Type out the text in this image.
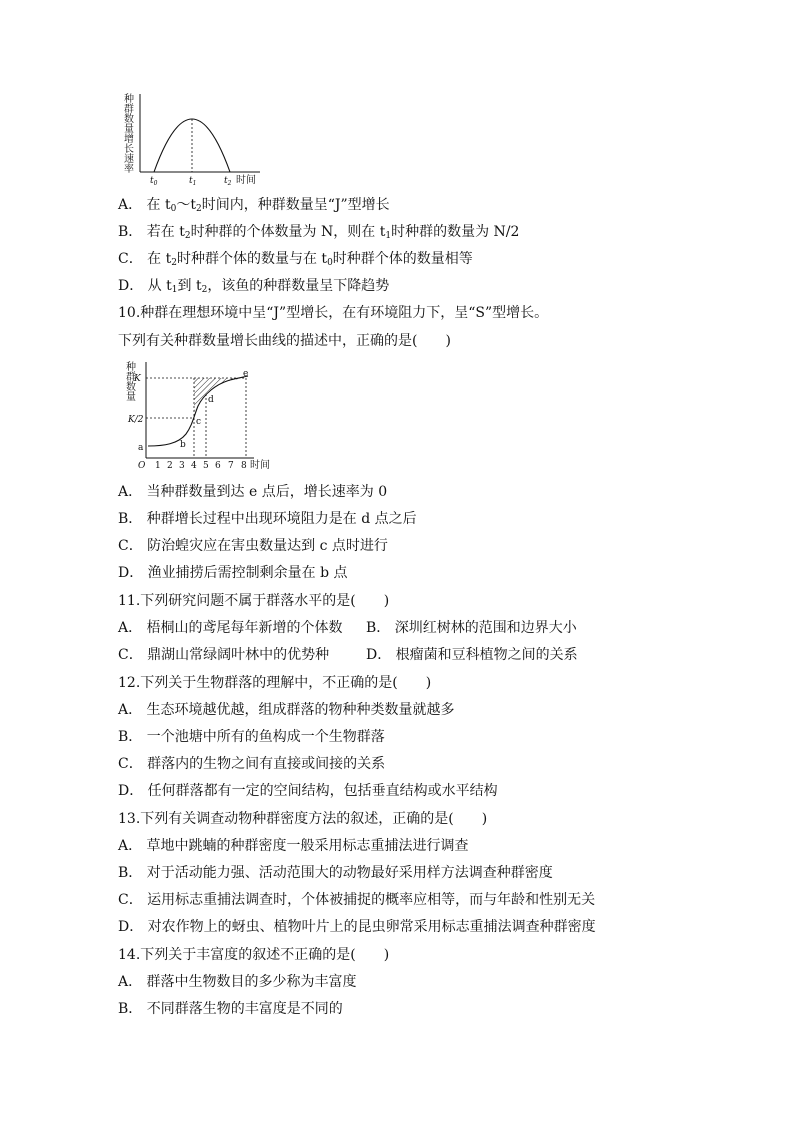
种
群
数
量
增
长
速
率
$t_0$	$t_1$	$t_2$ 时间
A． 在 $t_0\sim t_2$时间内，种群数量呈“J”型增长
B． 若在 $t_2$时种群的个体数量为 N，则在 $t_1$时种群的数量为 N/2
C． 在 $t_2$时种群个体的数量与在 $t_0$时种群个体的数量相等
D． 从 $t_1$到 $t_2$，该鱼的种群数量呈下降趋势
10.种群在理想环境中呈“J”型增长，在有环境阻力下，呈“S”型增长。
下列有关种群数量增长曲线的描述中，正确的是(　　)
种
群
数
量
K
K/2
a	b
c
d
e
O 1 2 3 4 5 6 7 8 时间
A． 当种群数量到达 e 点后，增长速率为 0
B． 种群增长过程中出现环境阻力是在 d 点之后
C． 防治蝗灾应在害虫数量达到 c 点时进行
D． 渔业捕捞后需控制剩余量在 b 点
11.下列研究问题不属于群落水平的是(　　)
A． 梧桐山的鸢尾每年新增的个体数	B． 深圳红树林的范围和边界大小
C． 鼎湖山常绿阔叶林中的优势种	D． 根瘤菌和豆科植物之间的关系
12.下列关于生物群落的理解中，不正确的是(　　)
A． 生态环境越优越，组成群落的物种种类数量就越多
B． 一个池塘中所有的鱼构成一个生物群落
C． 群落内的生物之间有直接或间接的关系
D． 任何群落都有一定的空间结构，包括垂直结构或水平结构
13.下列有关调查动物种群密度方法的叙述，正确的是(　　)
A． 草地中跳蝻的种群密度一般采用标志重捕法进行调查
B． 对于活动能力强、活动范围大的动物最好采用样方法调查种群密度
C． 运用标志重捕法调查时，个体被捕捉的概率应相等，而与年龄和性别无关
D． 对农作物上的蚜虫、植物叶片上的昆虫卵常采用标志重捕法调查种群密度
14.下列关于丰富度的叙述不正确的是(　　)
A． 群落中生物数目的多少称为丰富度
B． 不同群落生物的丰富度是不同的
